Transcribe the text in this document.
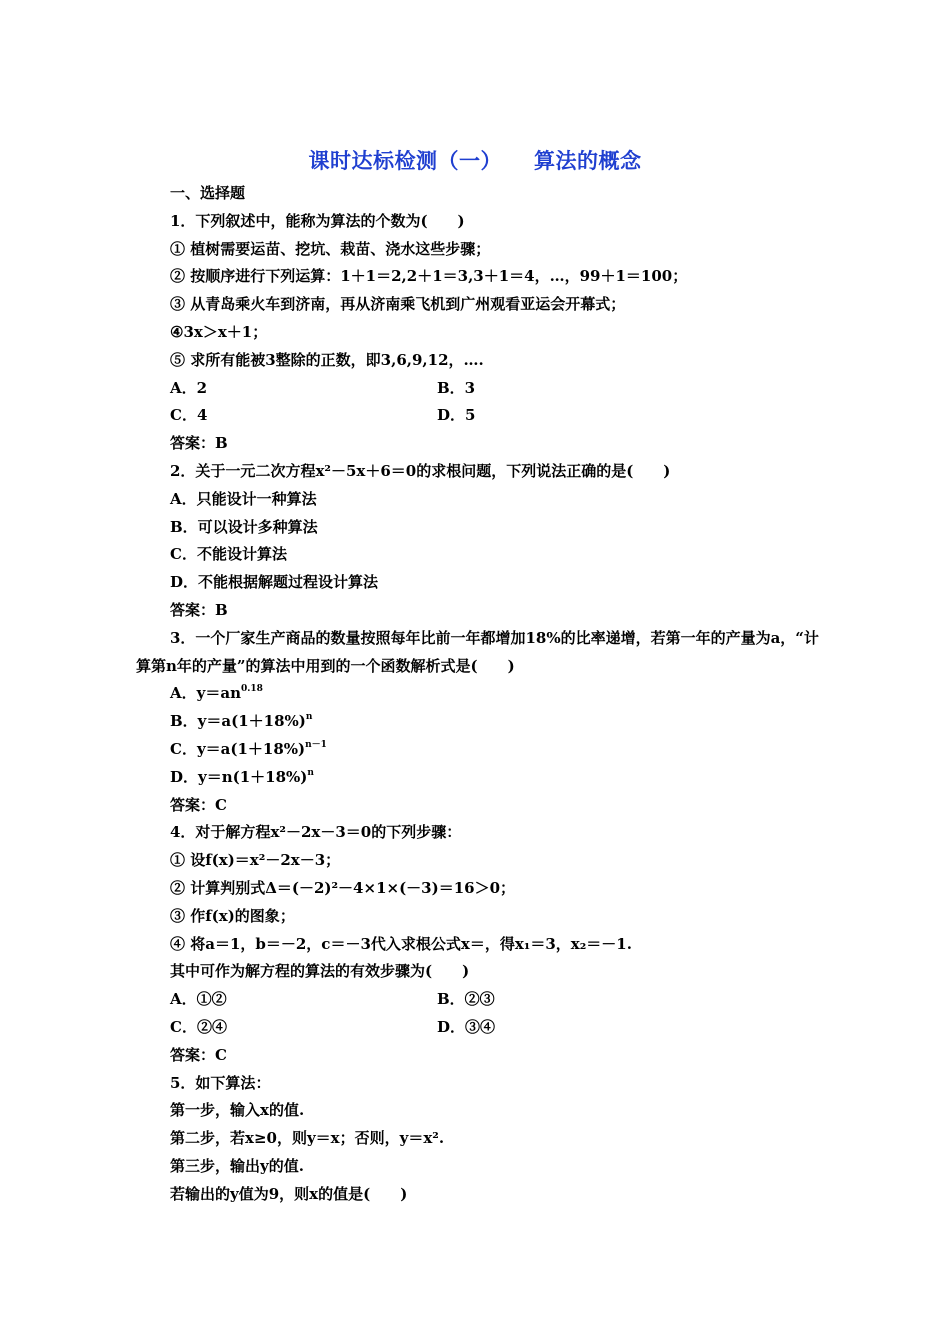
课时达标检测（一） 算法的概念
一、选择题
1．下列叙述中，能称为算法的个数为(　　)
① 植树需要运苗、挖坑、栽苗、浇水这些步骤；
② 按顺序进行下列运算：1＋1＝2,2＋1＝3,3＋1＝4，…，99＋1＝100；
③ 从青岛乘火车到济南，再从济南乘飞机到广州观看亚运会开幕式；
④3x＞x＋1；
⑤ 求所有能被3整除的正数，即3,6,9,12，….
A．2	B．3
C．4	D．5
答案：B
2．关于一元二次方程x²－5x＋6＝0的求根问题，下列说法正确的是(　　)
A．只能设计一种算法
B．可以设计多种算法
C．不能设计算法
D．不能根据解题过程设计算法
答案：B
3．一个厂家生产商品的数量按照每年比前一年都增加18%的比率递增，若第一年的产量为a，“计算第n年的产量”的算法中用到的一个函数解析式是(　　)
A．$y=an^{0.18}$
B．$y=a(1+18\%)^n$
C．$y=a(1+18\%)^{n-1}$
D．$y=n(1+18\%)^n$
答案：C
4．对于解方程x²－2x－3＝0的下列步骤：
① 设f(x)＝x²－2x－3；
② 计算判别式Δ＝(－2)²－4×1×(－3)＝16＞0；
③ 作f(x)的图象；
④ 将a＝1，b＝－2，c＝－3代入求根公式x＝，得x₁＝3，x₂＝－1.
其中可作为解方程的算法的有效步骤为(　　)
A．①②	B．②③
C．②④	D．③④
答案：C
5．如下算法：
第一步，输入x的值.
第二步，若x≥0，则y＝x；否则，y＝x².
第三步，输出y的值.
若输出的y值为9，则x的值是(　　)
